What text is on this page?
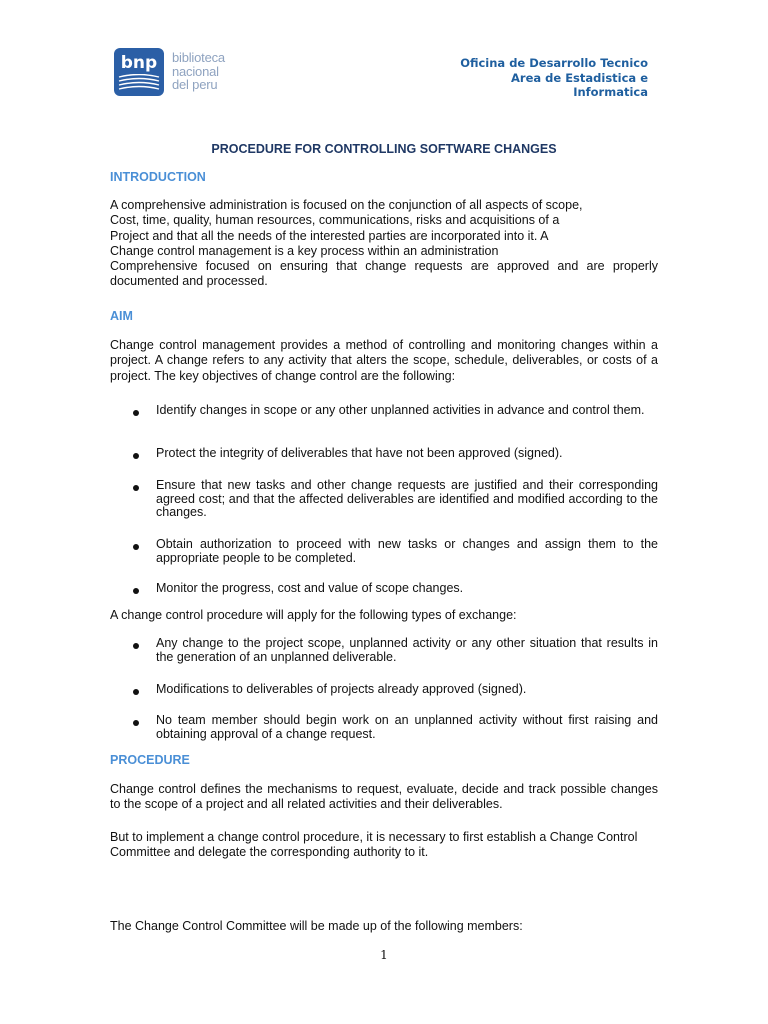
bnp	biblioteca
nacional
del peru
Oficina de Desarrollo Tecnico
Area de Estadistica e
Informatica
PROCEDURE FOR CONTROLLING SOFTWARE CHANGES
INTRODUCTION
A comprehensive administration is focused on the conjunction of all aspects of scope,
Cost, time, quality, human resources, communications, risks and acquisitions of a
Project and that all the needs of the interested parties are incorporated into it. A
Change control management is a key process within an administration
Comprehensive focused on ensuring that change requests are approved and are properly documented and processed.
AIM
Change control management provides a method of controlling and monitoring changes within a project. A change refers to any activity that alters the scope, schedule, deliverables, or costs of a project. The key objectives of change control are the following:
Identify changes in scope or any other unplanned activities in advance and control them.
Protect the integrity of deliverables that have not been approved (signed).
Ensure that new tasks and other change requests are justified and their corresponding agreed cost; and that the affected deliverables are identified and modified according to the changes.
Obtain authorization to proceed with new tasks or changes and assign them to the appropriate people to be completed.
Monitor the progress, cost and value of scope changes.
A change control procedure will apply for the following types of exchange:
Any change to the project scope, unplanned activity or any other situation that results in the generation of an unplanned deliverable.
Modifications to deliverables of projects already approved (signed).
No team member should begin work on an unplanned activity without first raising and obtaining approval of a change request.
PROCEDURE
Change control defines the mechanisms to request, evaluate, decide and track possible changes to the scope of a project and all related activities and their deliverables.
But to implement a change control procedure, it is necessary to first establish a Change Control Committee and delegate the corresponding authority to it.
The Change Control Committee will be made up of the following members:
1
